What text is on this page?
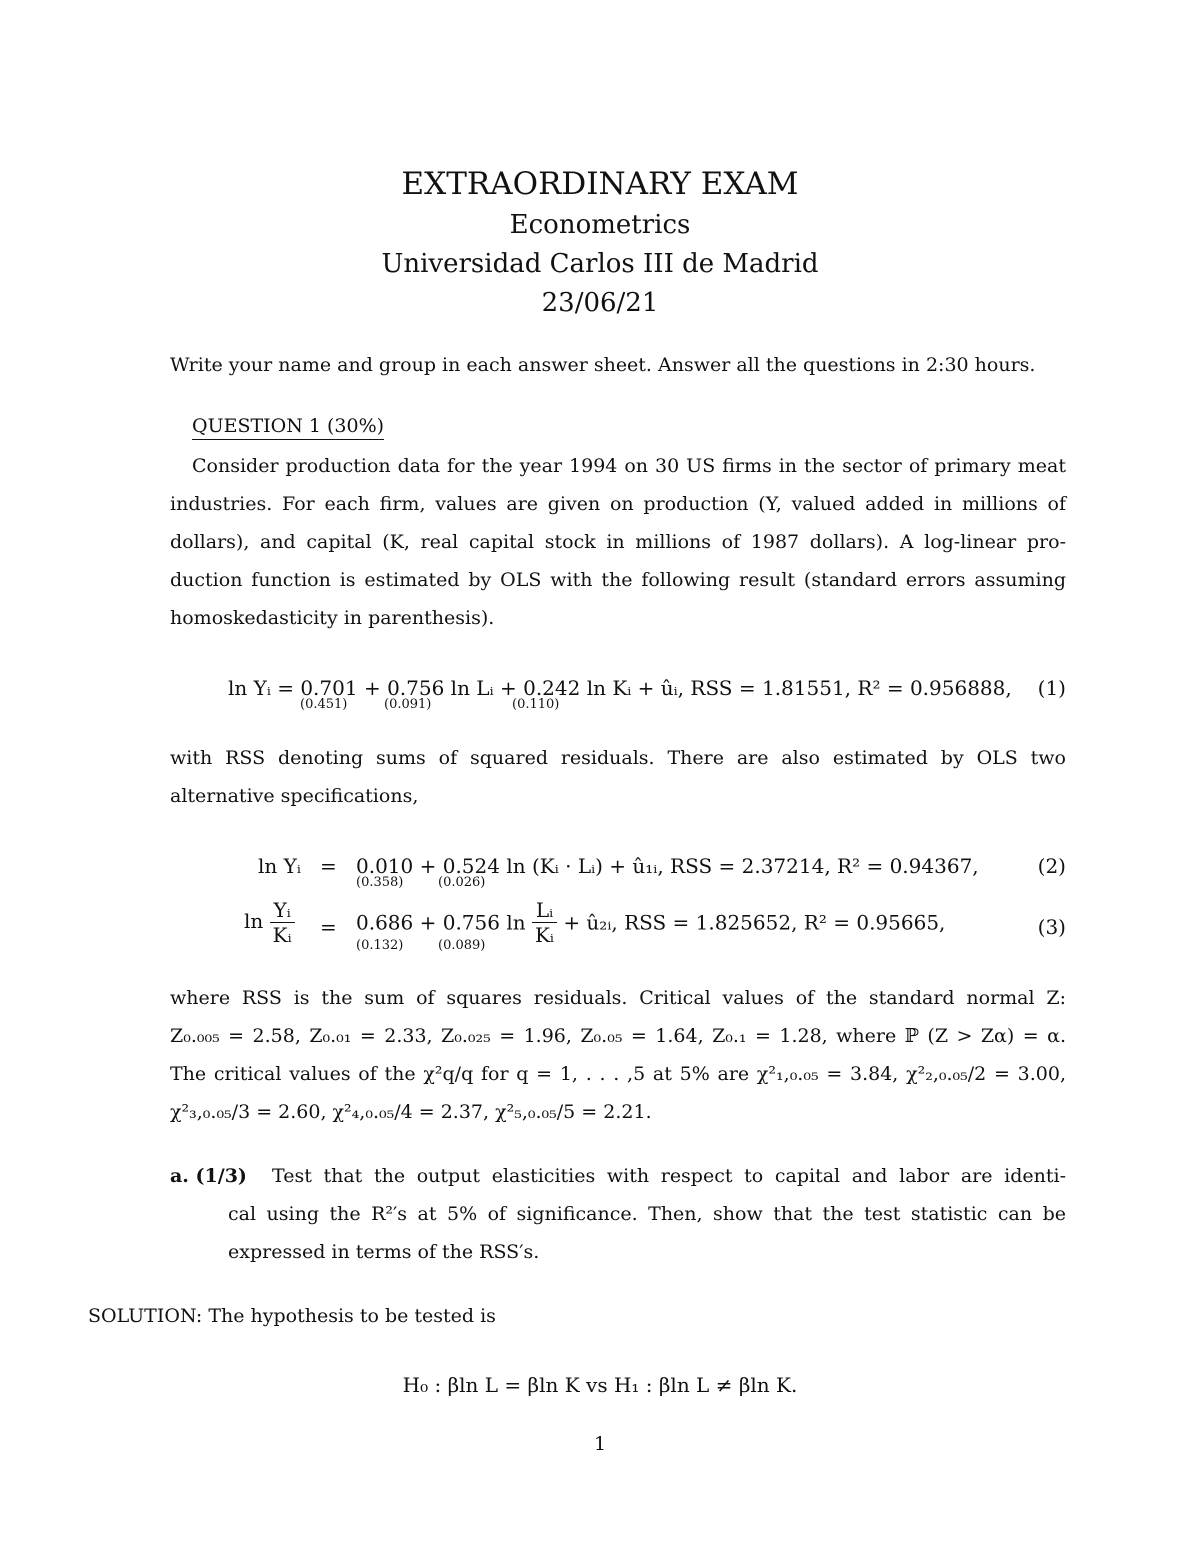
EXTRAORDINARY EXAM
Econometrics
Universidad Carlos III de Madrid
23/06/21
Write your name and group in each answer sheet. Answer all the questions in 2:30 hours.
QUESTION 1 (30%)
Consider production data for the year 1994 on 30 US firms in the sector of primary meat
industries. For each firm, values are given on production (Y, valued added in millions of
dollars), and capital (K, real capital stock in millions of 1987 dollars). A log-linear pro-
duction function is estimated by OLS with the following result (standard errors assuming
homoskedasticity in parenthesis).
ln Yᵢ = 0.701 + 0.756 ln Lᵢ + 0.242 ln Kᵢ + ûᵢ, RSS = 1.81551, R² = 0.956888,
(0.451)	(0.091)	(0.110)
(1)
with RSS denoting sums of squared residuals. There are also estimated by OLS two
alternative specifications,
ln Yᵢ = 0.010 + 0.524 ln (Kᵢ · Lᵢ) + û₁ᵢ, RSS = 2.37214, R² = 0.94367,
(0.358)	(0.026)
(2)
$\ln \frac{\text{Yᵢ}}{\text{Kᵢ}} = 0.686 + 0.756$ $\ln \frac{\text{Lᵢ}}{\text{Kᵢ}}$ + û₂ᵢ, RSS = 1.825652, R² = 0.95665,
(0.132)	(0.089)
(3)
where RSS is the sum of squares residuals. Critical values of the standard normal Z:
Z₀.₀₀₅ = 2.58, Z₀.₀₁ = 2.33, Z₀.₀₂₅ = 1.96, Z₀.₀₅ = 1.64, Z₀.₁ = 1.28, where ℙ (Z > Zα) = α.
The critical values of the χ²q/q for q = 1, . . . ,5 at 5% are χ²₁,₀.₀₅ = 3.84, χ²₂,₀.₀₅/2 = 3.00,
χ²₃,₀.₀₅/3 = 2.60, χ²₄,₀.₀₅/4 = 2.37, χ²₅,₀.₀₅/5 = 2.21.
a. (1/3) Test that the output elasticities with respect to capital and labor are identi-
cal using the R²′s at 5% of significance. Then, show that the test statistic can be
expressed in terms of the RSS′s.
SOLUTION: The hypothesis to be tested is
H₀ : βln L = βln K vs H₁ : βln L ≠ βln K.
1
